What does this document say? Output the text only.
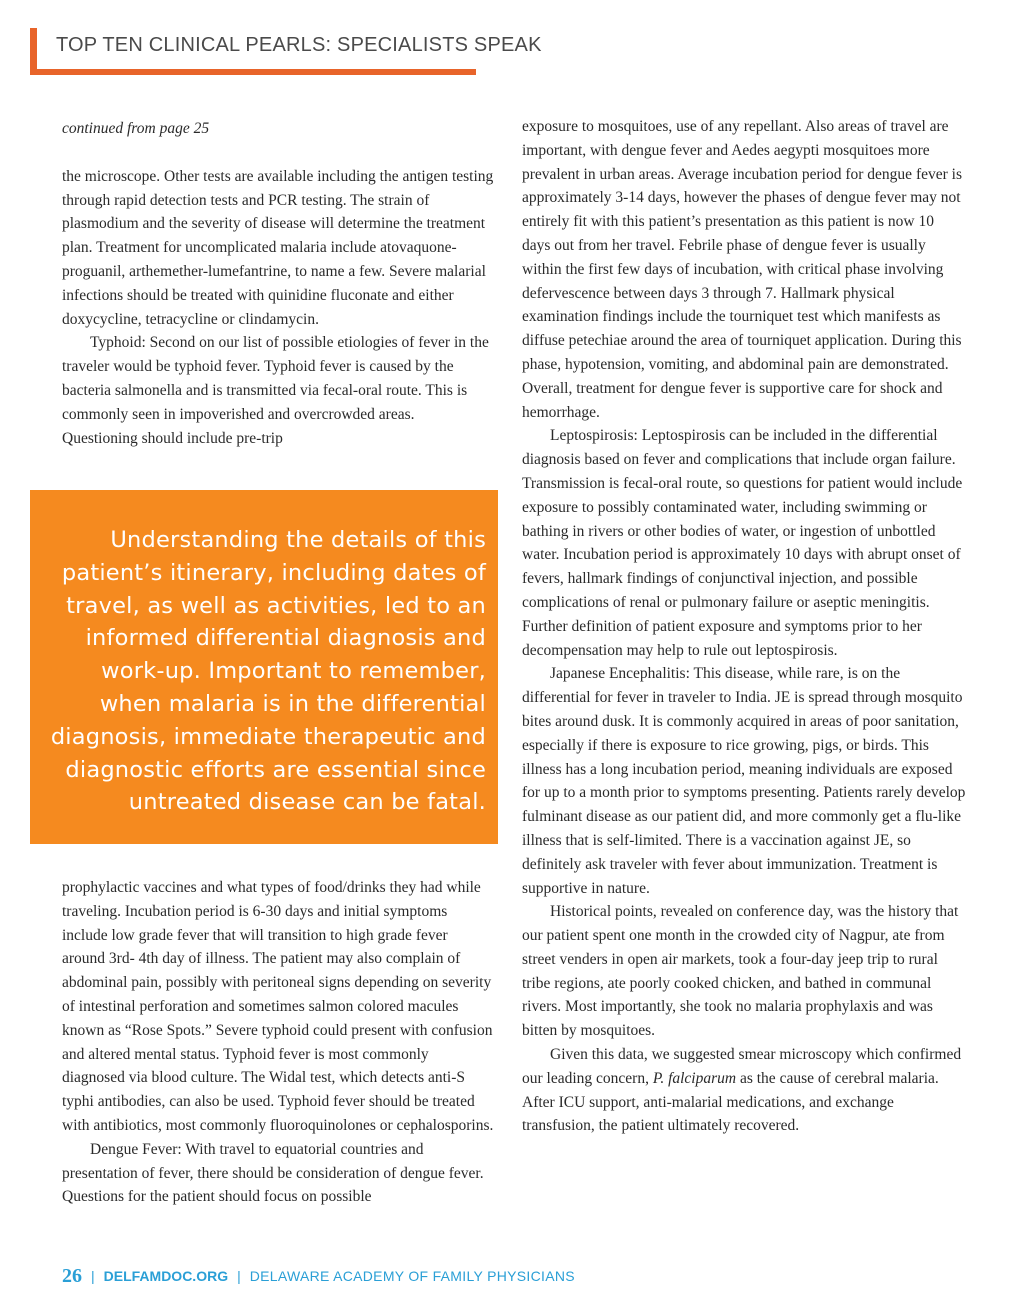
TOP TEN CLINICAL PEARLS: SPECIALISTS SPEAK

continued from page 25

the microscope. Other tests are available including the antigen testing through rapid detection tests and PCR testing. The strain of plasmodium and the severity of disease will determine the treatment plan. Treatment for uncomplicated malaria include atovaquone-proguanil, arthemether-lumefantrine, to name a few. Severe malarial infections should be treated with quinidine fluconate and either doxycycline, tetracycline or clindamycin.

Typhoid: Second on our list of possible etiologies of fever in the traveler would be typhoid fever. Typhoid fever is caused by the bacteria salmonella and is transmitted via fecal-oral route. This is commonly seen in impoverished and overcrowded areas. Questioning should include pre-trip

Understanding the details of this patient’s itinerary, including dates of travel, as well as activities, led to an informed differential diagnosis and work-up. Important to remember, when malaria is in the differential diagnosis, immediate therapeutic and diagnostic efforts are essential since untreated disease can be fatal.

prophylactic vaccines and what types of food/drinks they had while traveling. Incubation period is 6-30 days and initial symptoms include low grade fever that will transition to high grade fever around 3rd- 4th day of illness. The patient may also complain of abdominal pain, possibly with peritoneal signs depending on severity of intestinal perforation and sometimes salmon colored macules known as “Rose Spots.” Severe typhoid could present with confusion and altered mental status. Typhoid fever is most commonly diagnosed via blood culture. The Widal test, which detects anti-S typhi antibodies, can also be used. Typhoid fever should be treated with antibiotics, most commonly fluoroquinolones or cephalosporins.

Dengue Fever: With travel to equatorial countries and presentation of fever, there should be consideration of dengue fever. Questions for the patient should focus on possible

exposure to mosquitoes, use of any repellant. Also areas of travel are important, with dengue fever and Aedes aegypti mosquitoes more prevalent in urban areas. Average incubation period for dengue fever is approximately 3-14 days, however the phases of dengue fever may not entirely fit with this patient’s presentation as this patient is now 10 days out from her travel. Febrile phase of dengue fever is usually within the first few days of incubation, with critical phase involving defervescence between days 3 through 7. Hallmark physical examination findings include the tourniquet test which manifests as diffuse petechiae around the area of tourniquet application. During this phase, hypotension, vomiting, and abdominal pain are demonstrated. Overall, treatment for dengue fever is supportive care for shock and hemorrhage.

Leptospirosis: Leptospirosis can be included in the differential diagnosis based on fever and complications that include organ failure. Transmission is fecal-oral route, so questions for patient would include exposure to possibly contaminated water, including swimming or bathing in rivers or other bodies of water, or ingestion of unbottled water. Incubation period is approximately 10 days with abrupt onset of fevers, hallmark findings of conjunctival injection, and possible complications of renal or pulmonary failure or aseptic meningitis. Further definition of patient exposure and symptoms prior to her decompensation may help to rule out leptospirosis.

Japanese Encephalitis: This disease, while rare, is on the differential for fever in traveler to India. JE is spread through mosquito bites around dusk. It is commonly acquired in areas of poor sanitation, especially if there is exposure to rice growing, pigs, or birds. This illness has a long incubation period, meaning individuals are exposed for up to a month prior to symptoms presenting. Patients rarely develop fulminant disease as our patient did, and more commonly get a flu-like illness that is self-limited. There is a vaccination against JE, so definitely ask traveler with fever about immunization. Treatment is supportive in nature.

Historical points, revealed on conference day, was the history that our patient spent one month in the crowded city of Nagpur, ate from street venders in open air markets, took a four-day jeep trip to rural tribe regions, ate poorly cooked chicken, and bathed in communal rivers. Most importantly, she took no malaria prophylaxis and was bitten by mosquitoes.

Given this data, we suggested smear microscopy which confirmed our leading concern, P. falciparum as the cause of cerebral malaria. After ICU support, anti-malarial medications, and exchange transfusion, the patient ultimately recovered.

26 | DELFAMDOC.ORG | DELAWARE ACADEMY OF FAMILY PHYSICIANS
